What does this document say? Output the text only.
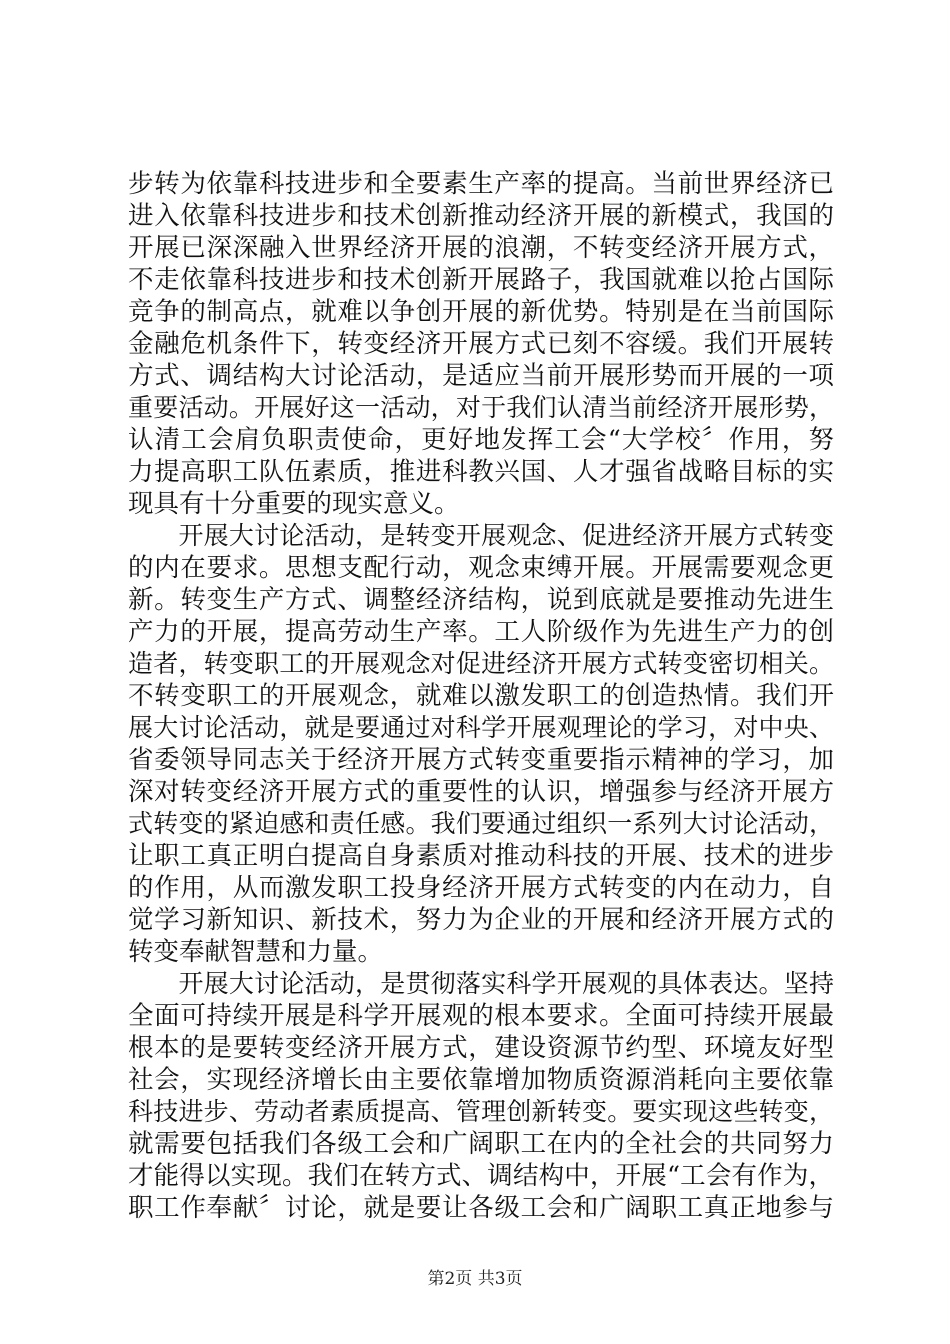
步转为依靠科技进步和全要素生产率的提高。当前世界经济已
进入依靠科技进步和技术创新推动经济开展的新模式，我国的
开展已深深融入世界经济开展的浪潮，不转变经济开展方式，
不走依靠科技进步和技术创新开展路子，我国就难以抢占国际
竞争的制高点，就难以争创开展的新优势。特别是在当前国际
金融危机条件下，转变经济开展方式已刻不容缓。我们开展转
方式、调结构大讨论活动，是适应当前开展形势而开展的一项
重要活动。开展好这一活动，对于我们认清当前经济开展形势，
认清工会肩负职责使命，更好地发挥工会“大学校〞作用，努
力提高职工队伍素质，推进科教兴国、人才强省战略目标的实
现具有十分重要的现实意义。
　　开展大讨论活动，是转变开展观念、促进经济开展方式转变
的内在要求。思想支配行动，观念束缚开展。开展需要观念更
新。转变生产方式、调整经济结构，说到底就是要推动先进生
产力的开展，提高劳动生产率。工人阶级作为先进生产力的创
造者，转变职工的开展观念对促进经济开展方式转变密切相关。
不转变职工的开展观念，就难以激发职工的创造热情。我们开
展大讨论活动，就是要通过对科学开展观理论的学习，对中央、
省委领导同志关于经济开展方式转变重要指示精神的学习，加
深对转变经济开展方式的重要性的认识，增强参与经济开展方
式转变的紧迫感和责任感。我们要通过组织一系列大讨论活动，
让职工真正明白提高自身素质对推动科技的开展、技术的进步
的作用，从而激发职工投身经济开展方式转变的内在动力，自
觉学习新知识、新技术，努力为企业的开展和经济开展方式的
转变奉献智慧和力量。
　　开展大讨论活动，是贯彻落实科学开展观的具体表达。坚持
全面可持续开展是科学开展观的根本要求。全面可持续开展最
根本的是要转变经济开展方式，建设资源节约型、环境友好型
社会，实现经济增长由主要依靠增加物质资源消耗向主要依靠
科技进步、劳动者素质提高、管理创新转变。要实现这些转变，
就需要包括我们各级工会和广阔职工在内的全社会的共同努力
才能得以实现。我们在转方式、调结构中，开展“工会有作为，
职工作奉献〞讨论，就是要让各级工会和广阔职工真正地参与
第2页 共3页
